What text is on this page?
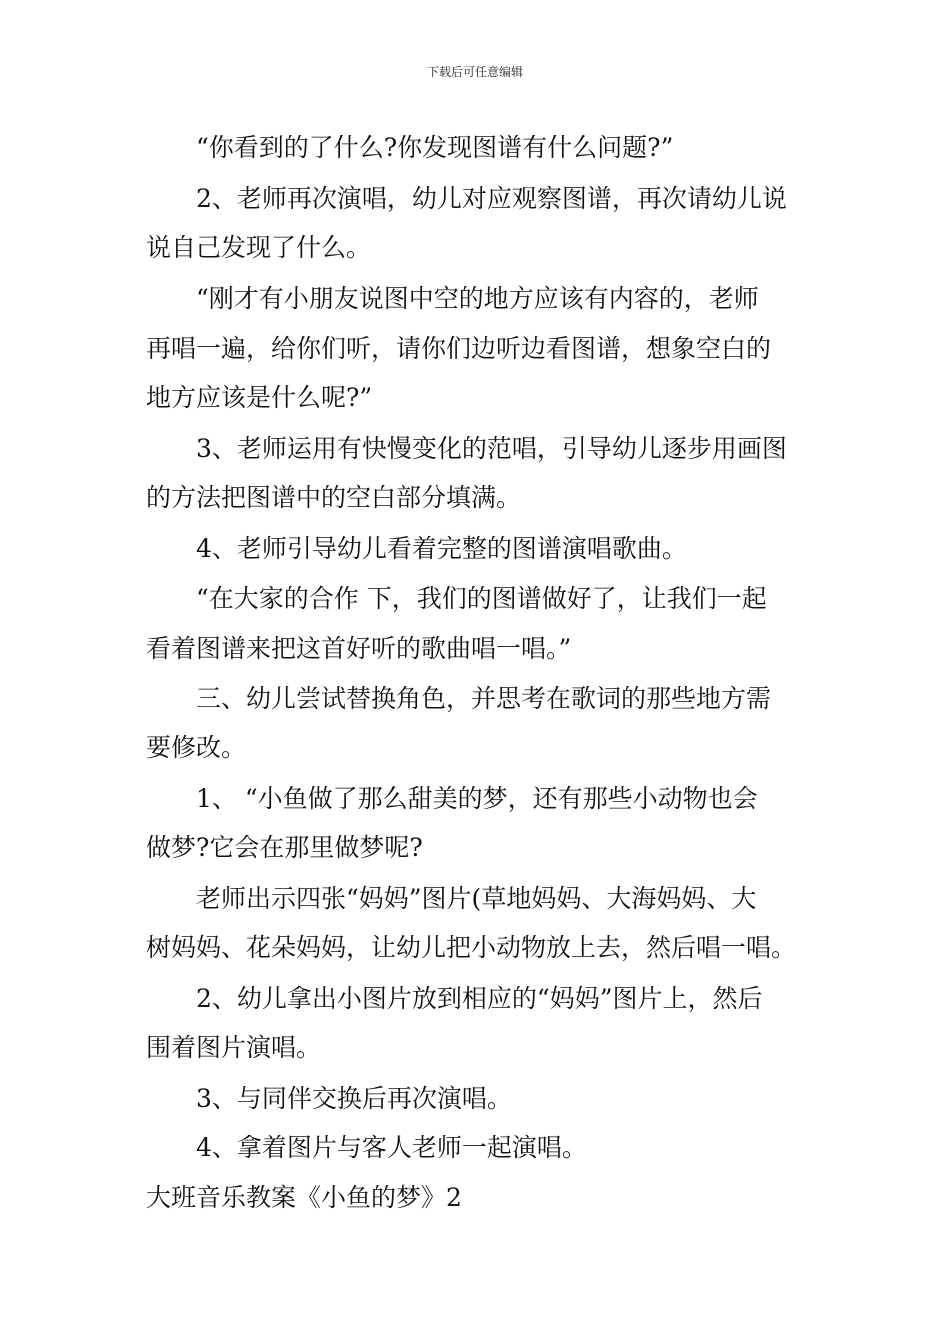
下载后可任意编辑
“你看到的了什么?你发现图谱有什么问题?”
2、老师再次演唱，幼儿对应观察图谱，再次请幼儿说
说自己发现了什么。
“刚才有小朋友说图中空的地方应该有内容的，老师
再唱一遍，给你们听，请你们边听边看图谱，想象空白的
地方应该是什么呢?”
3、老师运用有快慢变化的范唱，引导幼儿逐步用画图
的方法把图谱中的空白部分填满。
4、老师引导幼儿看着完整的图谱演唱歌曲。
“在大家的合作 下，我们的图谱做好了，让我们一起
看着图谱来把这首好听的歌曲唱一唱。”
三、幼儿尝试替换角色，并思考在歌词的那些地方需
要修改。
1、 “小鱼做了那么甜美的梦，还有那些小动物也会
做梦?它会在那里做梦呢?
老师出示四张“妈妈”图片(草地妈妈、大海妈妈、大
树妈妈、花朵妈妈，让幼儿把小动物放上去，然后唱一唱。
2、幼儿拿出小图片放到相应的“妈妈”图片上，然后
围着图片演唱。
3、与同伴交换后再次演唱。
4、拿着图片与客人老师一起演唱。
大班音乐教案《小鱼的梦》2
